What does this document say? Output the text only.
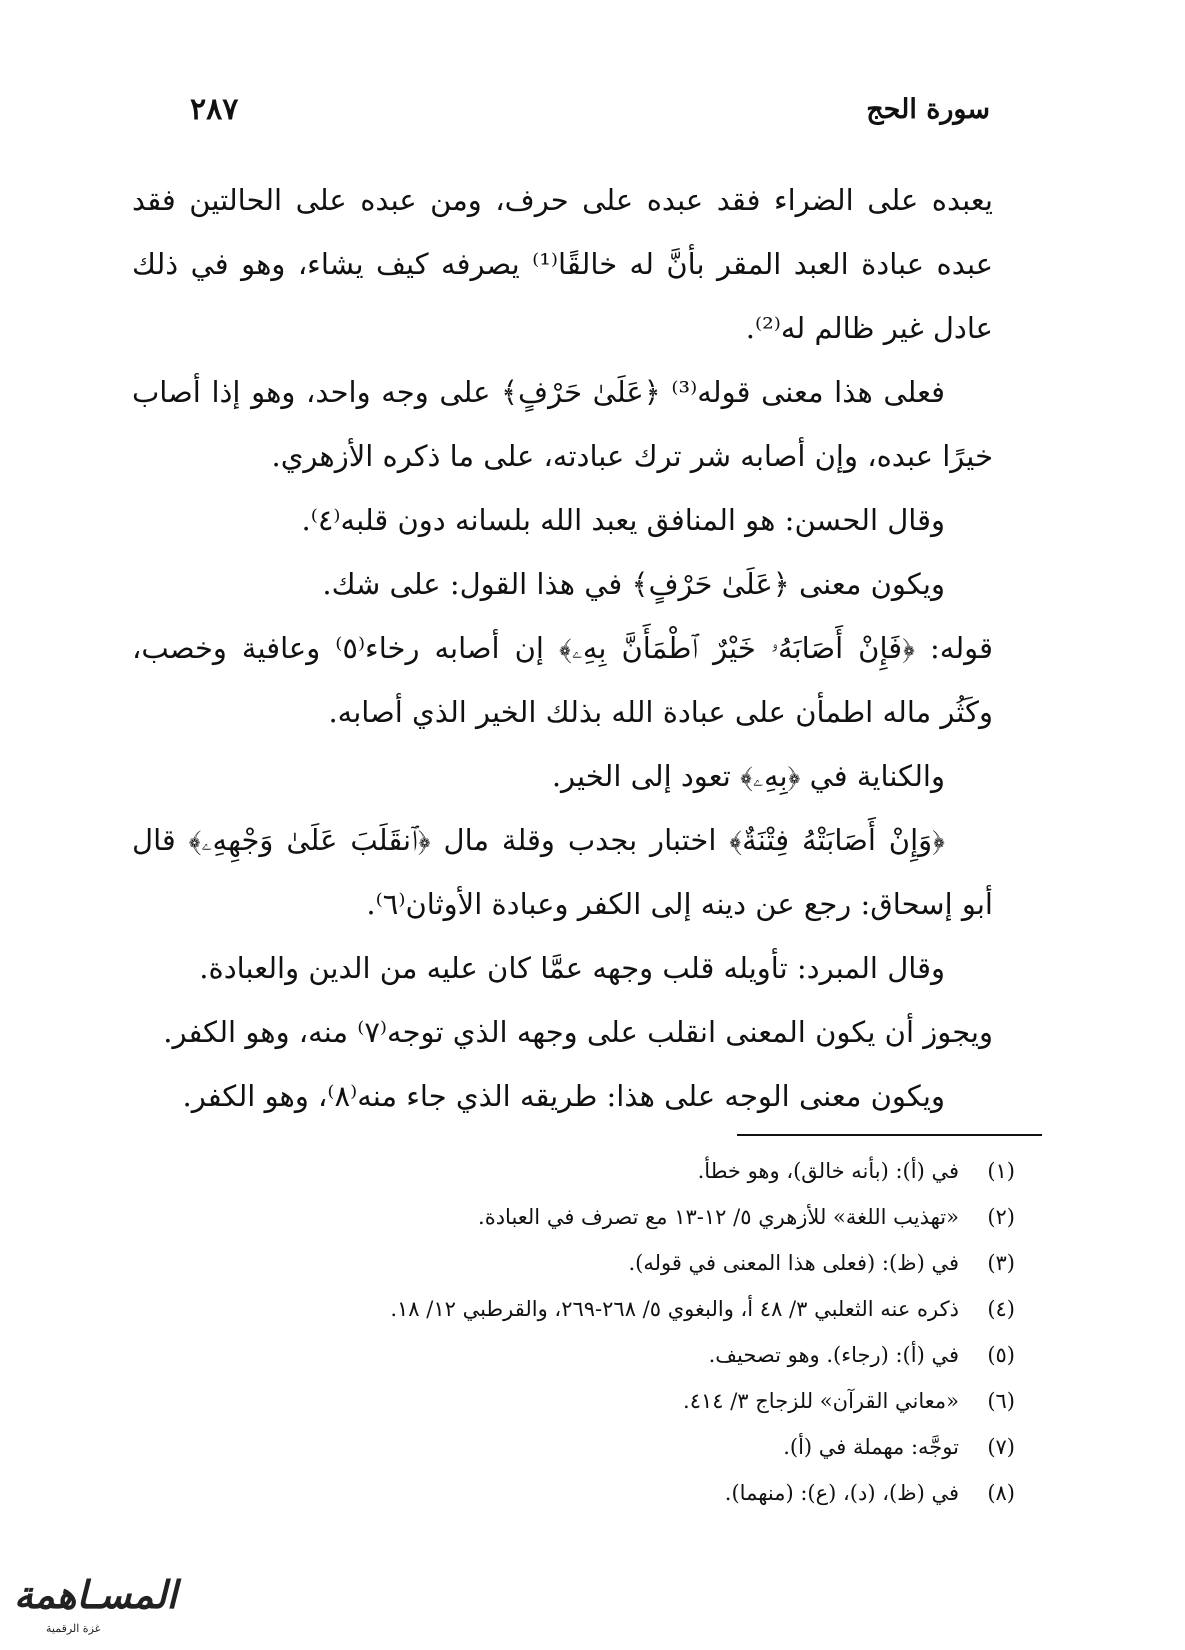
سورة الحج
٢٨٧

يعبده على الضراء فقد عبده على حرف، ومن عبده على الحالتين فقد عبده عبادة العبد المقر بأنَّ له خالقًا⁽¹⁾ يصرفه كيف يشاء، وهو في ذلك عادل غير ظالم له⁽²⁾.

فعلى هذا معنى قوله⁽³⁾ ﴿عَلَىٰ حَرْفٍ﴾ على وجه واحد، وهو إذا أصاب خيرًا عبده، وإن أصابه شر ترك عبادته، على ما ذكره الأزهري.

وقال الحسن: هو المنافق يعبد الله بلسانه دون قلبه⁽٤⁾.

ويكون معنى ﴿عَلَىٰ حَرْفٍ﴾ في هذا القول: على شك.

قوله: ﴿فَإِنْ أَصَابَهُۥ خَيْرٌ ٱطْمَأَنَّ بِهِۦ﴾ إن أصابه رخاء⁽٥⁾ وعافية وخصب، وكَثُر ماله اطمأن على عبادة الله بذلك الخير الذي أصابه.

والكناية في ﴿بِهِۦ﴾ تعود إلى الخير.

﴿وَإِنْ أَصَابَتْهُ فِتْنَةٌ﴾ اختبار بجدب وقلة مال ﴿ٱنقَلَبَ عَلَىٰ وَجْهِهِۦ﴾ قال أبو إسحاق: رجع عن دينه إلى الكفر وعبادة الأوثان⁽٦⁾.

وقال المبرد: تأويله قلب وجهه عمَّا كان عليه من الدين والعبادة.

ويجوز أن يكون المعنى انقلب على وجهه الذي توجه⁽٧⁾ منه، وهو الكفر.

ويكون معنى الوجه على هذا: طريقه الذي جاء منه⁽٨⁾، وهو الكفر.

(١)
في (أ): (بأنه خالق)، وهو خطأ.
(٢)
«تهذيب اللغة» للأزهري ٥/ ١٢-١٣ مع تصرف في العبادة.
(٣)
في (ظ): (فعلى هذا المعنى في قوله).
(٤)
ذكره عنه الثعلبي ٣/ ٤٨ أ، والبغوي ٥/ ٢٦٨-٢٦٩، والقرطبي ١٢/ ١٨.
(٥)
في (أ): (رجاء). وهو تصحيف.
(٦)
«معاني القرآن» للزجاج ٣/ ٤١٤.
(٧)
توجَّه: مهملة في (أ).
(٨)
في (ظ)، (د)، (ع): (منهما).
المسـاهمة
غزة الرقمية
